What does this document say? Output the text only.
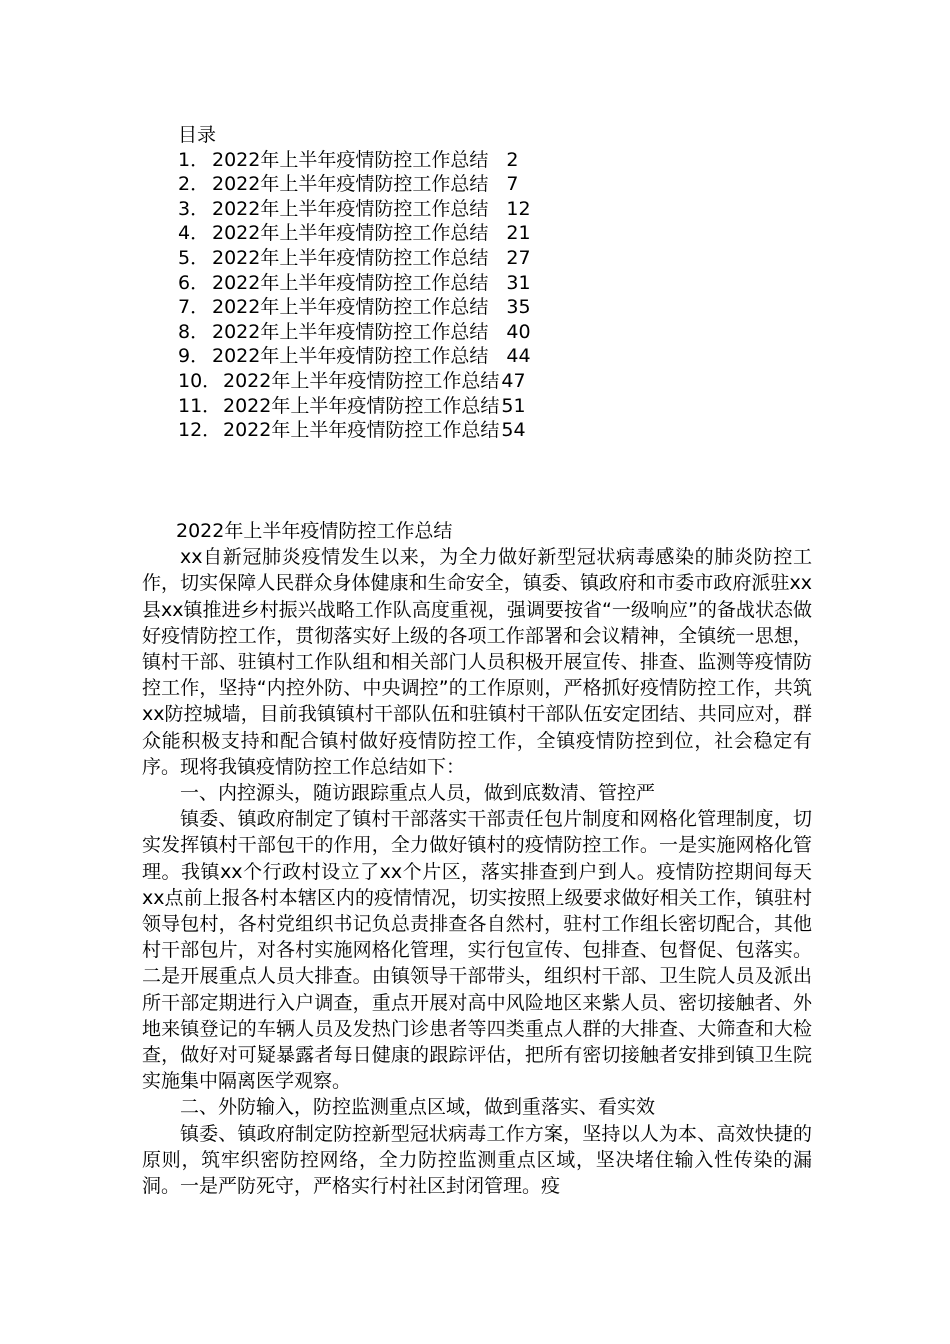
目录
1． 2022年上半年疫情防控工作总结 2
2． 2022年上半年疫情防控工作总结 7
3． 2022年上半年疫情防控工作总结 12
4． 2022年上半年疫情防控工作总结 21
5． 2022年上半年疫情防控工作总结 27
6． 2022年上半年疫情防控工作总结 31
7． 2022年上半年疫情防控工作总结 35
8． 2022年上半年疫情防控工作总结 40
9． 2022年上半年疫情防控工作总结 44
10． 2022年上半年疫情防控工作总结 47
11． 2022年上半年疫情防控工作总结 51
12． 2022年上半年疫情防控工作总结 54
2022年上半年疫情防控工作总结

xx自新冠肺炎疫情发生以来，为全力做好新型冠状病毒感染的肺炎防控工作，切实保障人民群众身体健康和生命安全，镇委、镇政府和市委市政府派驻xx县xx镇推进乡村振兴战略工作队高度重视，强调要按省“一级响应”的备战状态做好疫情防控工作，贯彻落实好上级的各项工作部署和会议精神，全镇统一思想，镇村干部、驻镇村工作队组和相关部门人员积极开展宣传、排查、监测等疫情防控工作，坚持“内控外防、中央调控”的工作原则，严格抓好疫情防控工作，共筑xx防控城墙，目前我镇镇村干部队伍和驻镇村干部队伍安定团结、共同应对，群众能积极支持和配合镇村做好疫情防控工作，全镇疫情防控到位，社会稳定有序。现将我镇疫情防控工作总结如下：

一、内控源头，随访跟踪重点人员，做到底数清、管控严

镇委、镇政府制定了镇村干部落实干部责任包片制度和网格化管理制度，切实发挥镇村干部包干的作用，全力做好镇村的疫情防控工作。一是实施网格化管理。我镇xx个行政村设立了xx个片区，落实排查到户到人。疫情防控期间每天xx点前上报各村本辖区内的疫情情况，切实按照上级要求做好相关工作，镇驻村领导包村，各村党组织书记负总责排查各自然村，驻村工作组长密切配合，其他村干部包片，对各村实施网格化管理，实行包宣传、包排查、包督促、包落实。二是开展重点人员大排查。由镇领导干部带头，组织村干部、卫生院人员及派出所干部定期进行入户调查，重点开展对高中风险地区来紫人员、密切接触者、外地来镇登记的车辆人员及发热门诊患者等四类重点人群的大排查、大筛查和大检查，做好对可疑暴露者每日健康的跟踪评估，把所有密切接触者安排到镇卫生院实施集中隔离医学观察。

二、外防输入，防控监测重点区域，做到重落实、看实效

镇委、镇政府制定防控新型冠状病毒工作方案，坚持以人为本、高效快捷的原则，筑牢织密防控网络，全力防控监测重点区域，坚决堵住输入性传染的漏洞。一是严防死守，严格实行村社区封闭管理。疫
